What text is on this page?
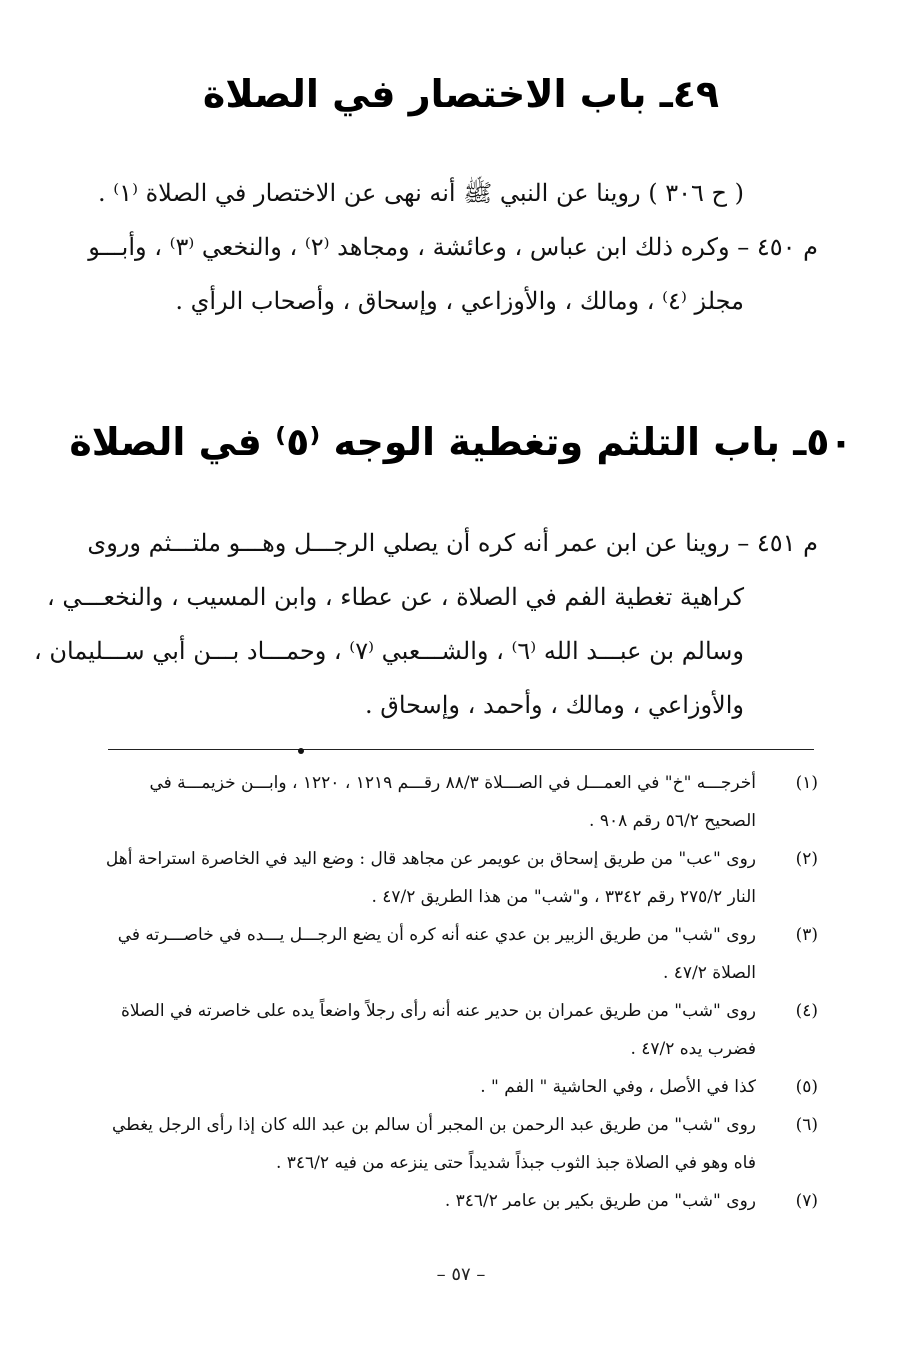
٤٩ـ باب الاختصار في الصلاة
( ح ٣٠٦ ) روينا عن النبي ﷺ أنه نهى عن الاختصار في الصلاة ⁽١⁾ .
م ٤٥٠ – وكره ذلك ابن عباس ، وعائشة ، ومجاهد ⁽٢⁾ ، والنخعي ⁽٣⁾ ، وأبـــو
مجلز ⁽٤⁾ ، ومالك ، والأوزاعي ، وإسحاق ، وأصحاب الرأي .
٥٠ـ باب التلثم وتغطية الوجه ⁽٥⁾ في الصلاة
م ٤٥١ – روينا عن ابن عمر أنه كره أن يصلي الرجـــل وهـــو ملتـــثم وروى
كراهية تغطية الفم في الصلاة ، عن عطاء ، وابن المسيب ، والنخعـــي ،
وسالم بن عبـــد الله ⁽٦⁾ ، والشـــعبي ⁽٧⁾ ، وحمـــاد بـــن أبي ســـليمان ،
والأوزاعي ، ومالك ، وأحمد ، وإسحاق .
(١)
أخرجـــه "خ" في العمـــل في الصـــلاة ٨٨/٣ رقـــم ١٢١٩ ، ١٢٢٠ ، وابـــن خزيمـــة في الصحيح ٥٦/٢ رقم ٩٠٨ .
(٢)
روى "عب" من طريق إسحاق بن عويمر عن مجاهد قال : وضع اليد في الخاصرة استراحة أهل النار ٢٧٥/٢ رقم ٣٣٤٢ ، و"شب" من هذا الطريق ٤٧/٢ .
(٣)
روى "شب" من طريق الزبير بن عدي عنه أنه كره أن يضع الرجـــل يـــده في خاصـــرته في الصلاة ٤٧/٢ .
(٤)
روى "شب" من طريق عمران بن حدير عنه أنه رأى رجلاً واضعاً يده على خاصرته في الصلاة فضرب يده ٤٧/٢ .
(٥)
كذا في الأصل ، وفي الحاشية " الفم " .
(٦)
روى "شب" من طريق عبد الرحمن بن المجبر أن سالم بن عبد الله كان إذا رأى الرجل يغطي فاه وهو في الصلاة جبذ الثوب جبذاً شديداً حتى ينزعه من فيه ٣٤٦/٢ .
(٧)
روى "شب" من طريق بكير بن عامر ٣٤٦/٢ .
– ٥٧ –
